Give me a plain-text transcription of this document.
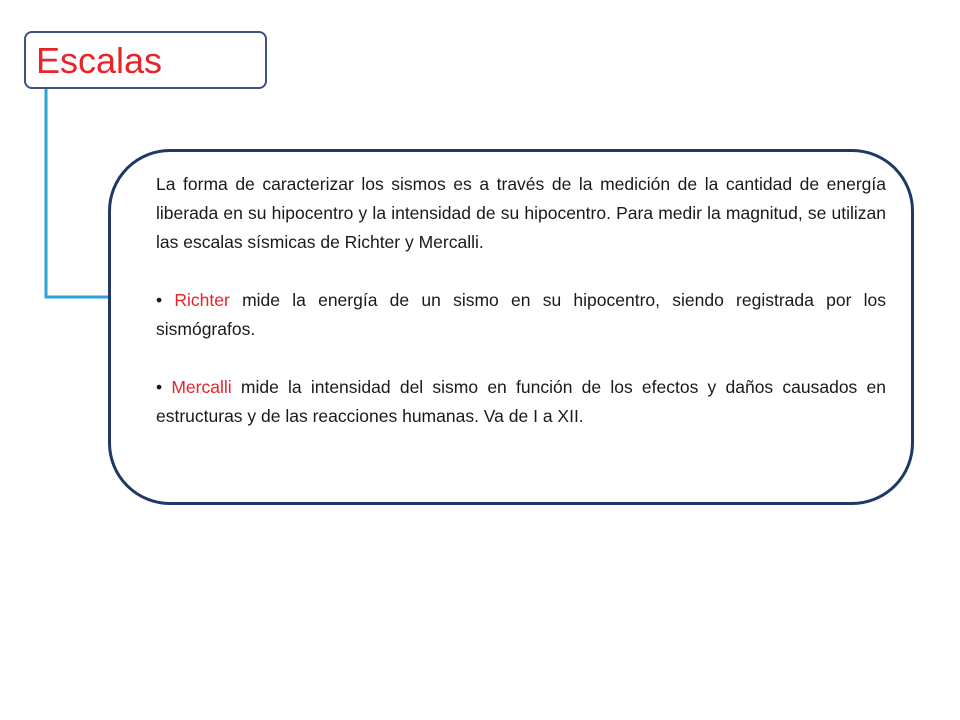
Escalas

La forma de caracterizar los sismos es a través de la medición de la cantidad de energía liberada en su hipocentro y la intensidad de su hipocentro. Para medir la magnitud, se utilizan las escalas sísmicas de Richter y Mercalli.

• Richter mide la energía de un sismo en su hipocentro, siendo registrada por los sismógrafos.

• Mercalli mide la intensidad del sismo en función de los efectos y daños causados en estructuras y de las reacciones humanas. Va de I a XII.
